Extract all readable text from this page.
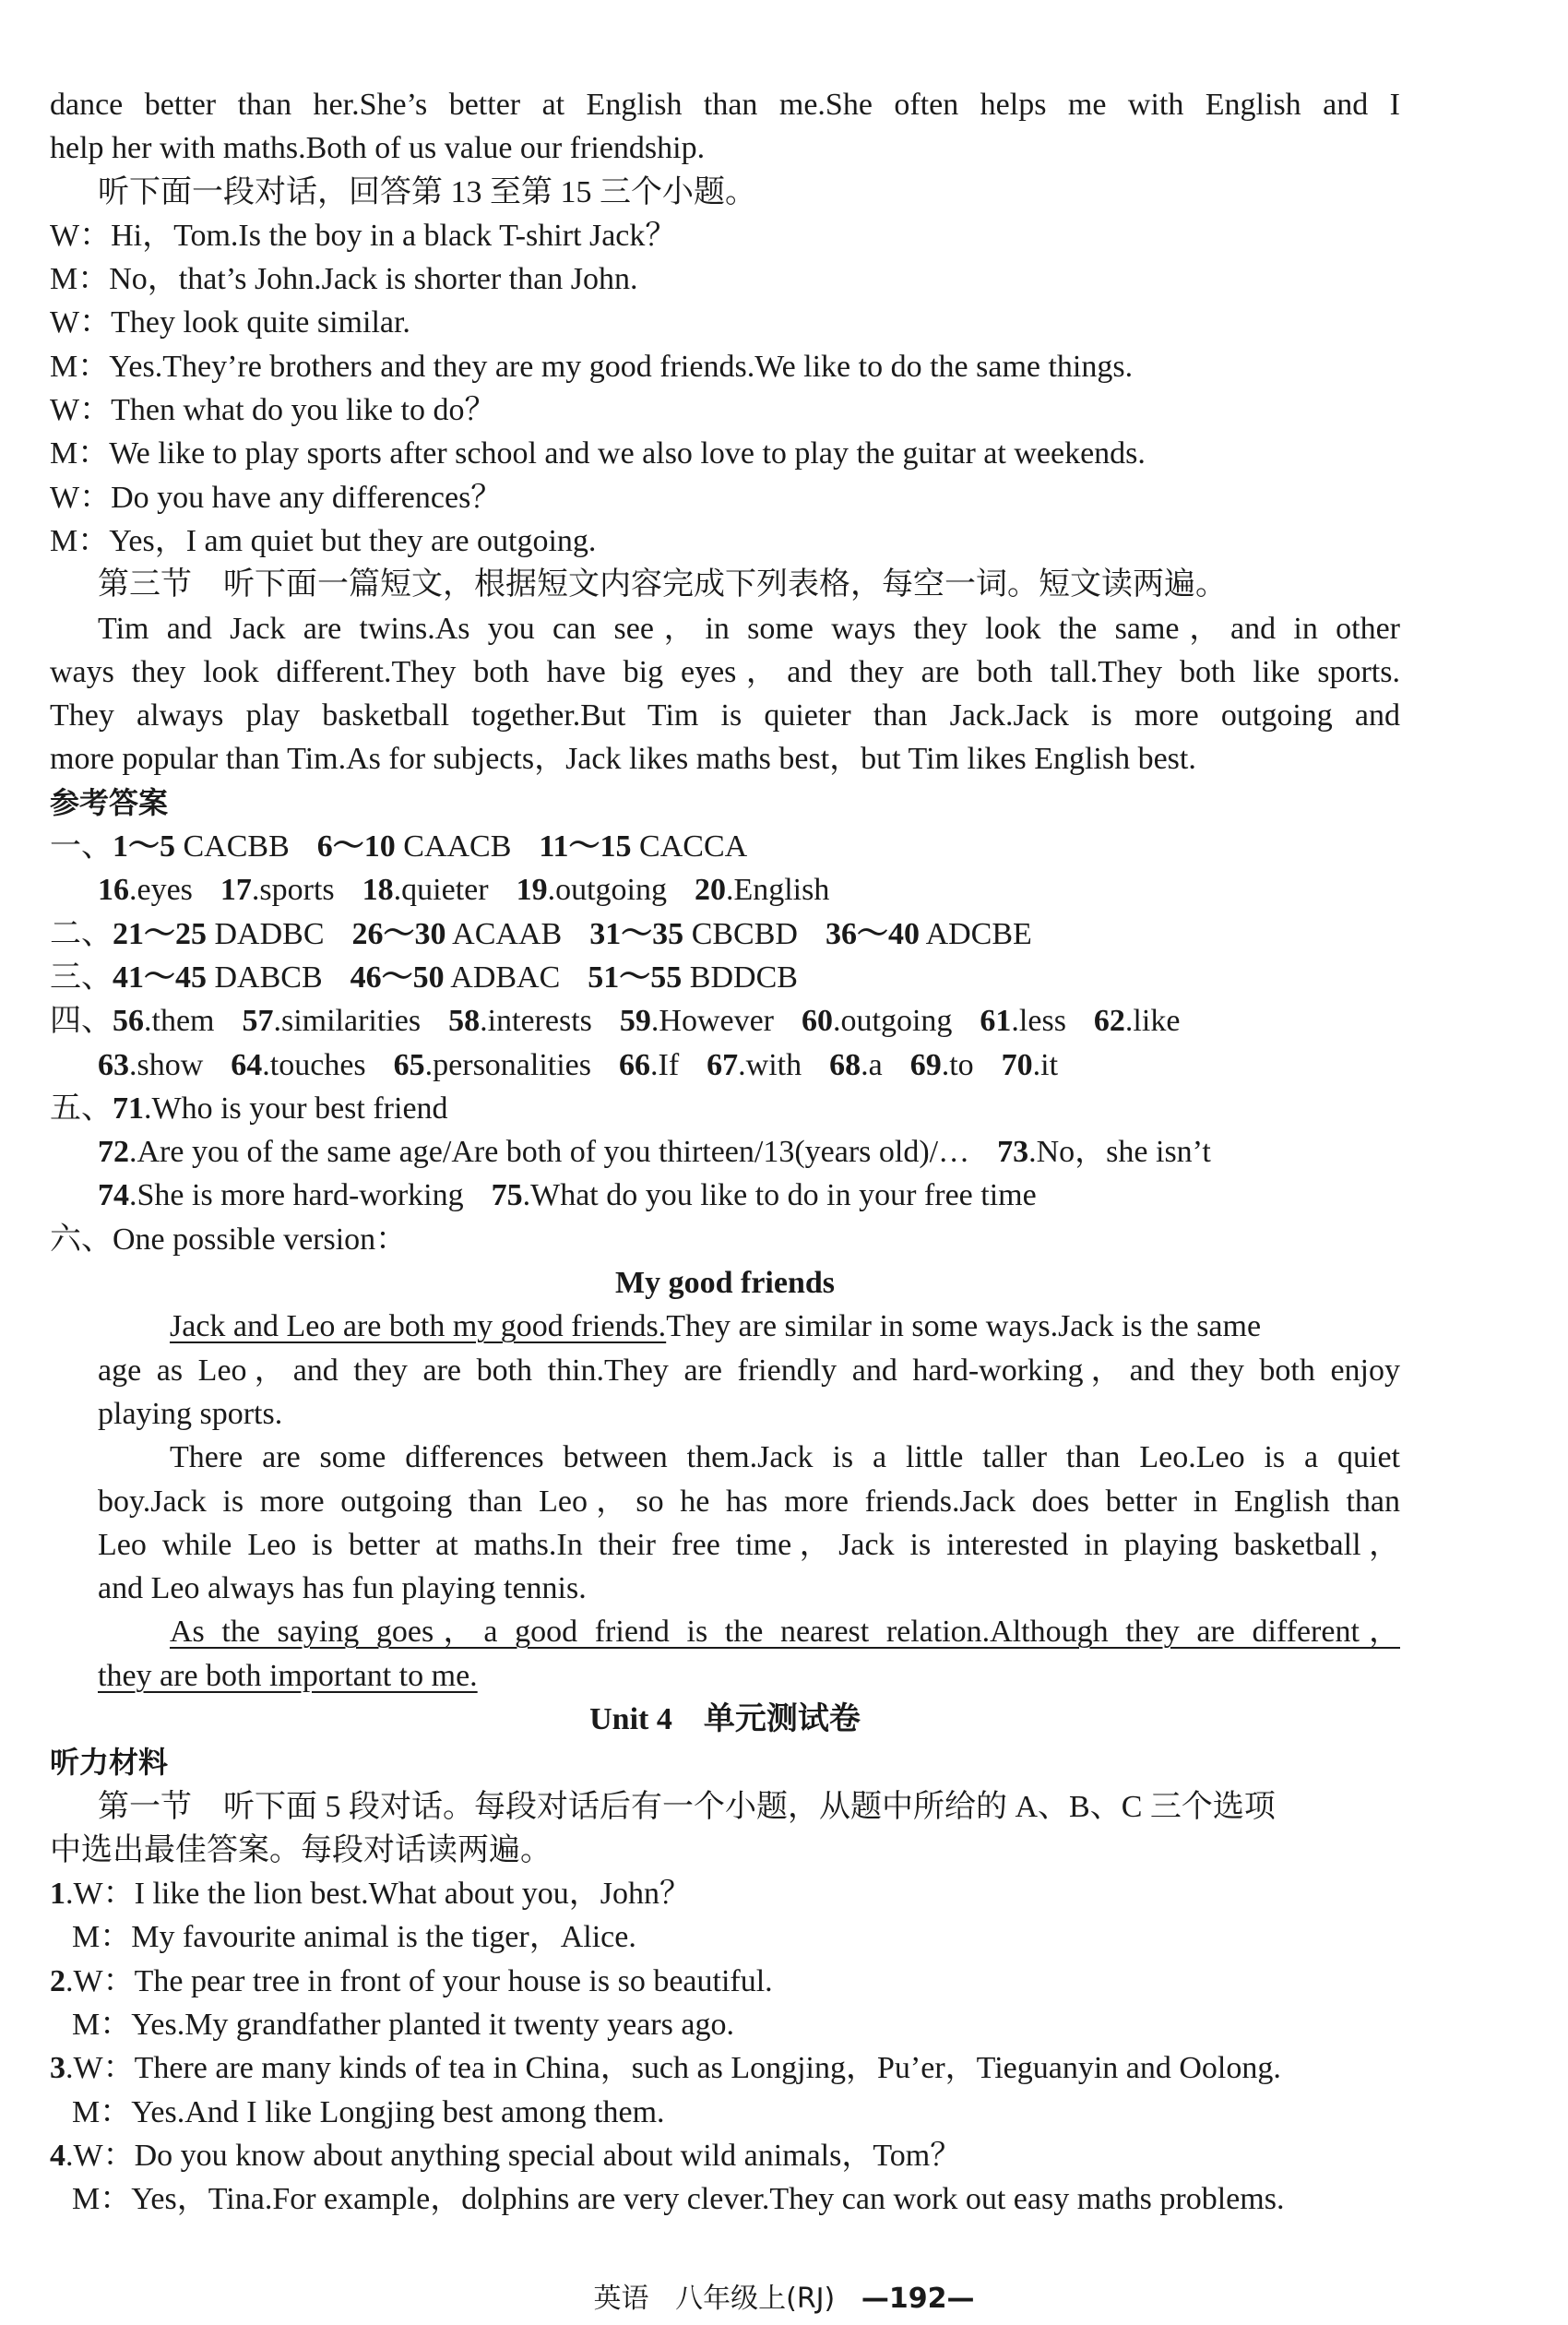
dance better than her.She’s better at English than me.She often helps me with English and I
help her with maths.Both of us value our friendship.
听下面一段对话，回答第 13 至第 15 三个小题。
W：Hi，Tom.Is the boy in a black T-shirt Jack？
M：No，that’s John.Jack is shorter than John.
W：They look quite similar.
M：Yes.They’re brothers and they are my good friends.We like to do the same things.
W：Then what do you like to do？
M：We like to play sports after school and we also love to play the guitar at weekends.
W：Do you have any differences？
M：Yes，I am quiet but they are outgoing.
第三节　听下面一篇短文，根据短文内容完成下列表格，每空一词。短文读两遍。
Tim and Jack are twins.As you can see，in some ways they look the same，and in other
ways they look different.They both have big eyes，and they are both tall.They both like sports.
They always play basketball together.But Tim is quieter than Jack.Jack is more outgoing and
more popular than Tim.As for subjects，Jack likes maths best，but Tim likes English best.
参考答案
一、1～5 CACBB 6～10 CAACB 11～15 CACCA
16.eyes 17.sports 18.quieter 19.outgoing 20.English
二、21～25 DADBC 26～30 ACAAB 31～35 CBCBD 36～40 ADCBE
三、41～45 DABCB 46～50 ADBAC 51～55 BDDCB
四、56.them 57.similarities 58.interests 59.However 60.outgoing 61.less 62.like
63.show 64.touches 65.personalities 66.If 67.with 68.a 69.to 70.it
五、71.Who is your best friend
72.Are you of the same age/Are both of you thirteen/13(years old)/… 73.No，she isn’t
74.She is more hard-working 75.What do you like to do in your free time
六、One possible version：
My good friends
Jack and Leo are both my good friends.They are similar in some ways.Jack is the same
age as Leo，and they are both thin.They are friendly and hard-working，and they both enjoy
playing sports.
There are some differences between them.Jack is a little taller than Leo.Leo is a quiet
boy.Jack is more outgoing than Leo，so he has more friends.Jack does better in English than
Leo while Leo is better at maths.In their free time，Jack is interested in playing basketball，
and Leo always has fun playing tennis.
As the saying goes，a good friend is the nearest relation.Although they are different，
they are both important to me.
Unit 4　单元测试卷
听力材料
第一节　听下面 5 段对话。每段对话后有一个小题，从题中所给的 A、B、C 三个选项
中选出最佳答案。每段对话读两遍。
1.W：I like the lion best.What about you，John？
M：My favourite animal is the tiger，Alice.
2.W：The pear tree in front of your house is so beautiful.
M：Yes.My grandfather planted it twenty years ago.
3.W：There are many kinds of tea in China，such as Longjing，Pu’er，Tieguanyin and Oolong.
M：Yes.And I like Longjing best among them.
4.W：Do you know about anything special about wild animals，Tom？
M：Yes，Tina.For example，dolphins are very clever.They can work out easy maths problems.
英语 八年级上(RJ) —192—
